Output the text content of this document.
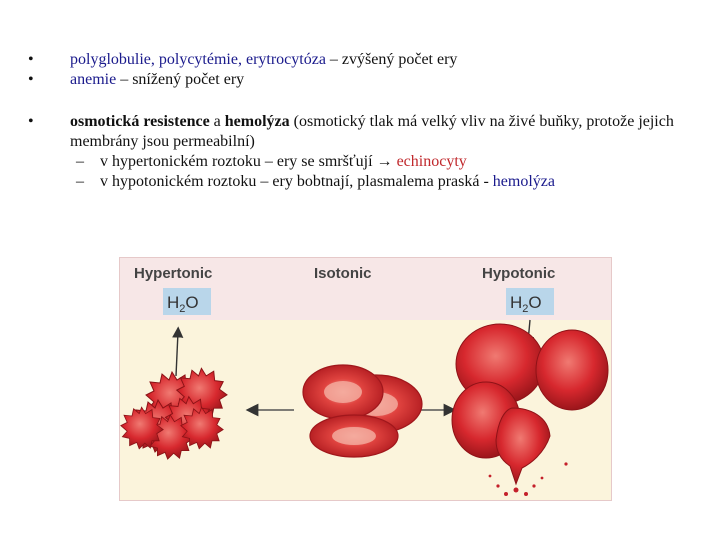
•	polyglobulie, polycytémie, erytrocytóza – zvýšený počet ery
•	anemie – snížený počet ery
•	osmotická resistence a hemolýza (osmotický tlak má velký vliv na živé buňky, protože jejich membrány jsou permeabilní)
– v hypertonickém roztoku – ery se smršťují → echinocyty
– v hypotonickém roztoku – ery bobtnají, plasmalema praská - hemolýza
Hypertonic	Isotonic	Hypotonic
$H_2O$	$H_2O$
